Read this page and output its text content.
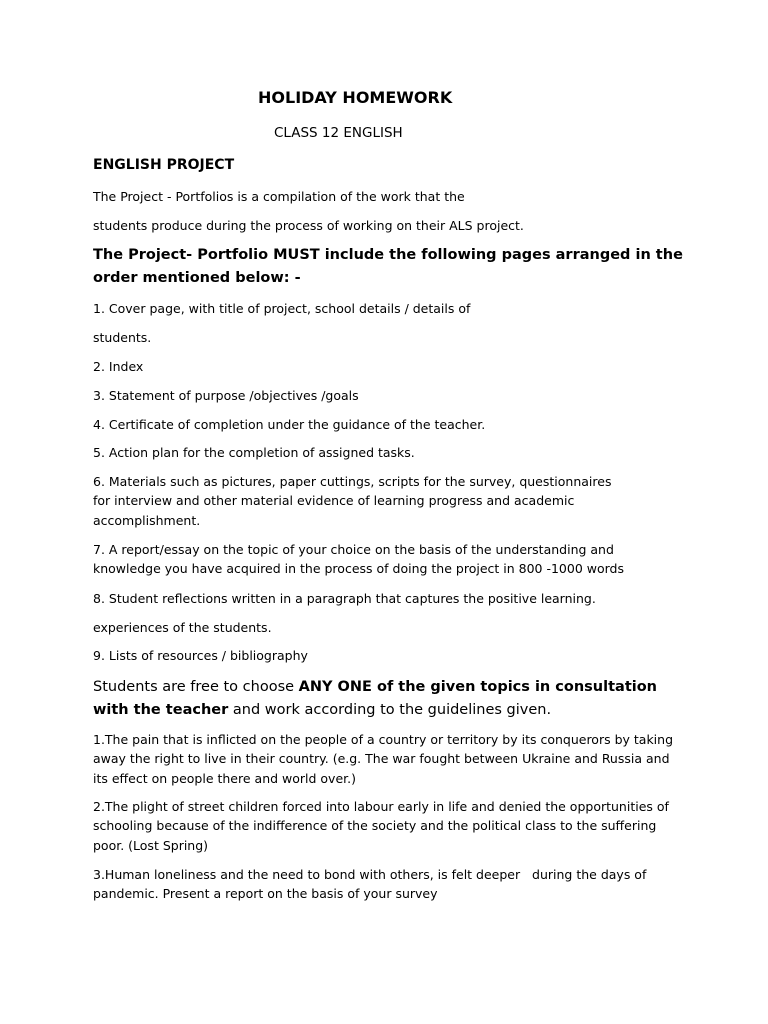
HOLIDAY HOMEWORK
CLASS 12 ENGLISH
ENGLISH PROJECT
The Project - Portfolios is a compilation of the work that the
students produce during the process of working on their ALS project.
The Project- Portfolio MUST include the following pages arranged in the order mentioned below: -
1. Cover page, with title of project, school details / details of
students.
2. Index
3. Statement of purpose /objectives /goals
4. Certificate of completion under the guidance of the teacher.
5. Action plan for the completion of assigned tasks.
6. Materials such as pictures, paper cuttings, scripts for the survey, questionnaires for interview and other material evidence of learning progress and academic accomplishment.
7. A report/essay on the topic of your choice on the basis of the understanding and knowledge you have acquired in the process of doing the project in 800 -1000 words
8. Student reflections written in a paragraph that captures the positive learning.
experiences of the students.
9. Lists of resources / bibliography
Students are free to choose ANY ONE of the given topics in consultation with the teacher and work according to the guidelines given.
1.The pain that is inflicted on the people of a country or territory by its conquerors by taking away the right to live in their country. (e.g. The war fought between Ukraine and Russia and its effect on people there and world over.)
2.The plight of street children forced into labour early in life and denied the opportunities of schooling because of the indifference of the society and the political class to the suffering poor. (Lost Spring)
3.Human loneliness and the need to bond with others, is felt deeper   during the days of pandemic. Present a report on the basis of your survey
